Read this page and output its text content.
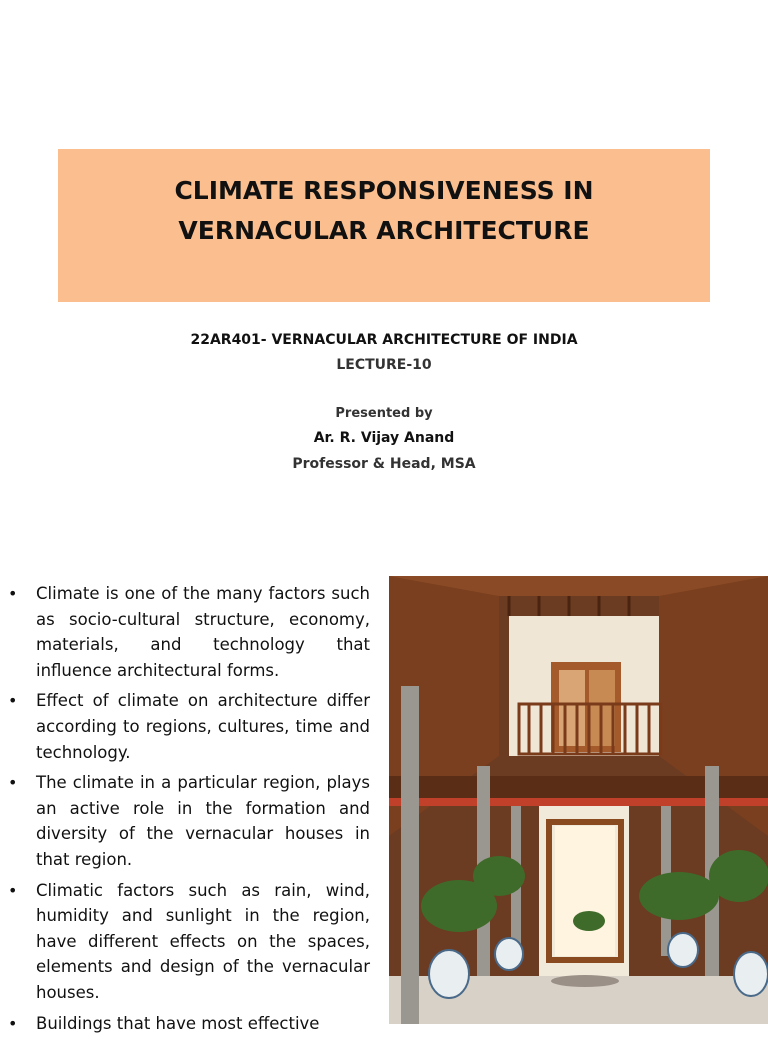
CLIMATE RESPONSIVENESS IN
VERNACULAR ARCHITECTURE
22AR401- VERNACULAR ARCHITECTURE OF INDIA
LECTURE-10
Presented by
Ar. R. Vijay Anand
Professor & Head, MSA
• Climate is one of the many factors such as socio-cultural structure, economy, materials, and technology that influence architectural forms.
• Effect of climate on architecture differ according to regions, cultures, time and technology.
• The climate in a particular region, plays an active role in the formation and diversity of the vernacular houses in that region.
• Climatic factors such as rain, wind, humidity and sunlight in the region, have different effects on the spaces, elements and design of the vernacular houses.
• Buildings that have most effective
